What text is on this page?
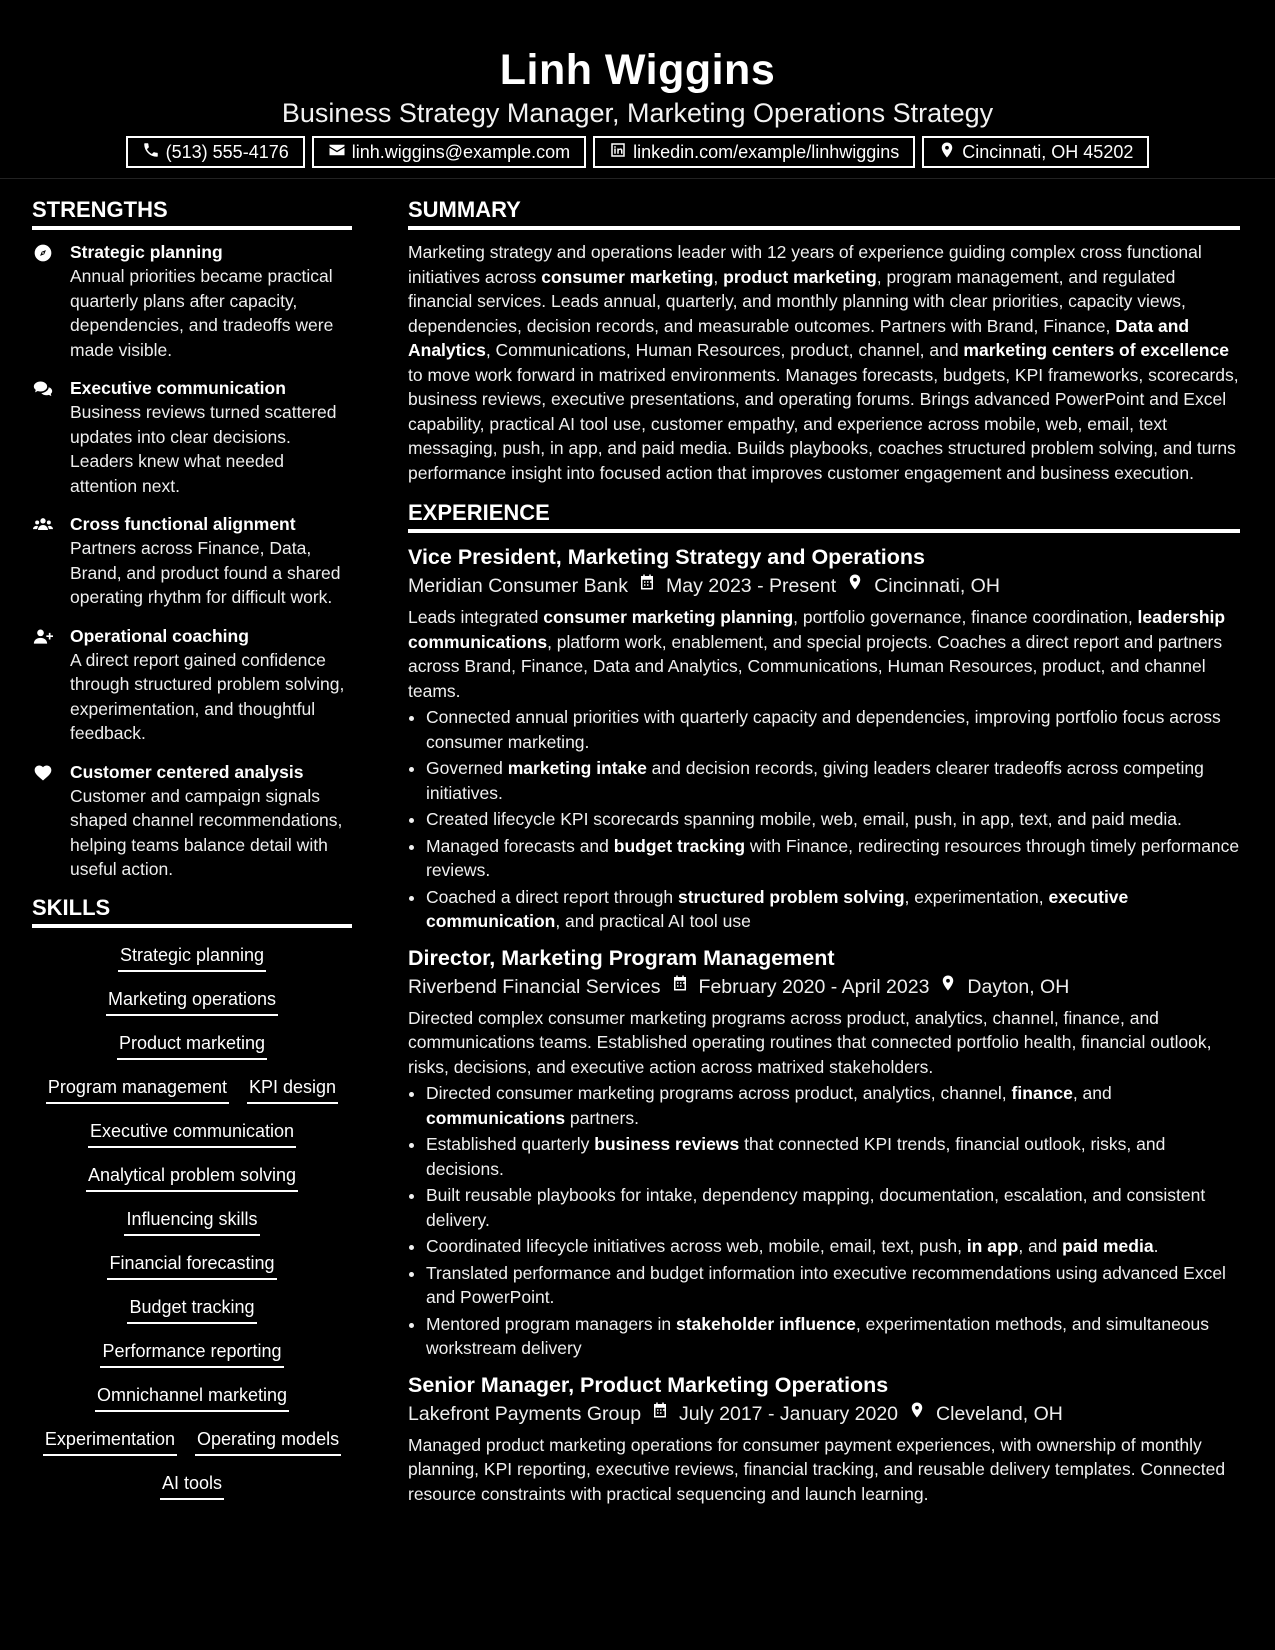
Linh Wiggins
Business Strategy Manager, Marketing Operations Strategy
(513) 555-4176	linh.wiggins@example.com	linkedin.com/example/linhwiggins	Cincinnati, OH 45202
STRENGTHS
Strategic planning
Annual priorities became practical quarterly plans after capacity, dependencies, and tradeoffs were made visible.
Executive communication
Business reviews turned scattered updates into clear decisions. Leaders knew what needed attention next.
Cross functional alignment
Partners across Finance, Data, Brand, and product found a shared operating rhythm for difficult work.
Operational coaching
A direct report gained confidence through structured problem solving, experimentation, and thoughtful feedback.
Customer centered analysis
Customer and campaign signals shaped channel recommendations, helping teams balance detail with useful action.
SKILLS
Strategic planning
Marketing operations
Product marketing
Program management KPI design
Executive communication
Analytical problem solving
Influencing skills
Financial forecasting
Budget tracking
Performance reporting
Omnichannel marketing
Experimentation Operating models
AI tools
SUMMARY
Marketing strategy and operations leader with 12 years of experience guiding complex cross functional initiatives across consumer marketing, product marketing, program management, and regulated financial services. Leads annual, quarterly, and monthly planning with clear priorities, capacity views, dependencies, decision records, and measurable outcomes. Partners with Brand, Finance, Data and Analytics, Communications, Human Resources, product, channel, and marketing centers of excellence to move work forward in matrixed environments. Manages forecasts, budgets, KPI frameworks, scorecards, business reviews, executive presentations, and operating forums. Brings advanced PowerPoint and Excel capability, practical AI tool use, customer empathy, and experience across mobile, web, email, text messaging, push, in app, and paid media. Builds playbooks, coaches structured problem solving, and turns performance insight into focused action that improves customer engagement and business execution.
EXPERIENCE
Vice President, Marketing Strategy and Operations
Meridian Consumer Bank May 2023 - Present Cincinnati, OH
Leads integrated consumer marketing planning, portfolio governance, finance coordination, leadership communications, platform work, enablement, and special projects. Coaches a direct report and partners across Brand, Finance, Data and Analytics, Communications, Human Resources, product, and channel teams.
• Connected annual priorities with quarterly capacity and dependencies, improving portfolio focus across consumer marketing.
• Governed marketing intake and decision records, giving leaders clearer tradeoffs across competing initiatives.
• Created lifecycle KPI scorecards spanning mobile, web, email, push, in app, text, and paid media.
• Managed forecasts and budget tracking with Finance, redirecting resources through timely performance reviews.
• Coached a direct report through structured problem solving, experimentation, executive communication, and practical AI tool use
Director, Marketing Program Management
Riverbend Financial Services February 2020 - April 2023 Dayton, OH
Directed complex consumer marketing programs across product, analytics, channel, finance, and communications teams. Established operating routines that connected portfolio health, financial outlook, risks, decisions, and executive action across matrixed stakeholders.
• Directed consumer marketing programs across product, analytics, channel, finance, and communications partners.
• Established quarterly business reviews that connected KPI trends, financial outlook, risks, and decisions.
• Built reusable playbooks for intake, dependency mapping, documentation, escalation, and consistent delivery.
• Coordinated lifecycle initiatives across web, mobile, email, text, push, in app, and paid media.
• Translated performance and budget information into executive recommendations using advanced Excel and PowerPoint.
• Mentored program managers in stakeholder influence, experimentation methods, and simultaneous workstream delivery
Senior Manager, Product Marketing Operations
Lakefront Payments Group July 2017 - January 2020 Cleveland, OH
Managed product marketing operations for consumer payment experiences, with ownership of monthly planning, KPI reporting, executive reviews, financial tracking, and reusable delivery templates. Connected resource constraints with practical sequencing and launch learning.
